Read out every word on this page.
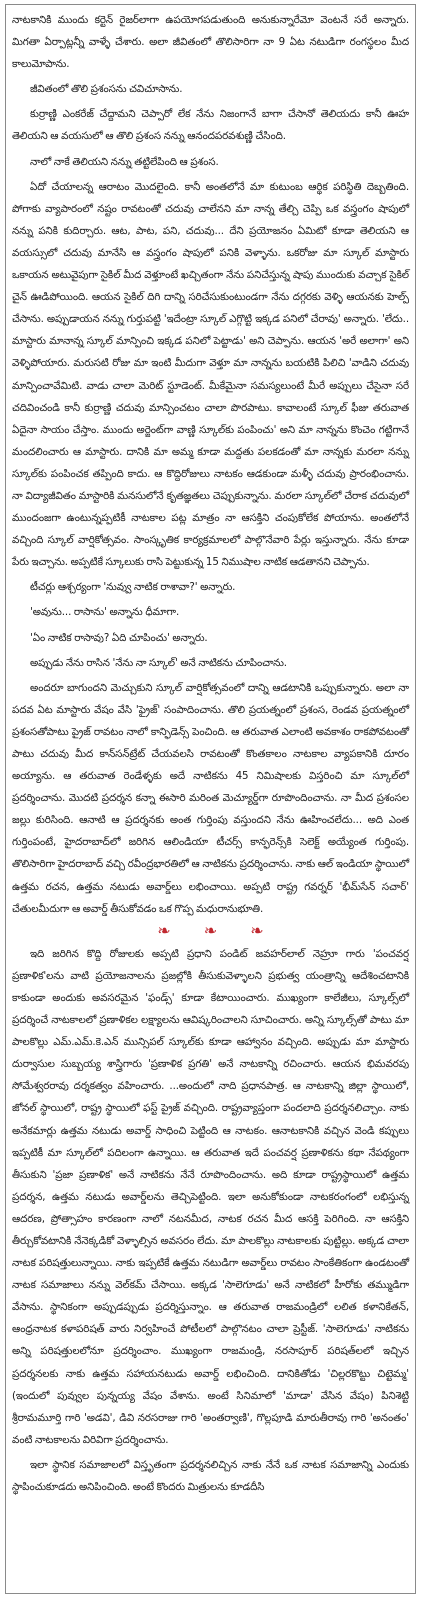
నాటకానికి ముందు కర్టెన్ రైజర్‌లాగా ఉపయోగపడుతుంది అనుకున్నారేమో వెంటనే సరే అన్నారు. మిగతా ఏర్పాట్లన్నీ వాళ్ళే చేశారు. అలా జీవితంలో తొలిసారిగా నా 9 ఏట నటుడిగా రంగస్థలం మీద కాలుమోపాను.

జీవితంలో తొలి ప్రశంసను చవిచూసాను.

కుర్రాణ్ణి ఎంకరేజ్ చేద్దామని చెప్పారో లేక నేను నిజంగానే బాగా చేసానో తెలియదు కానీ ఊహ తెలియని ఆ వయసులో ఆ తొలి ప్రశంస నన్ను ఆనందపరవశుణ్ణి చేసింది.

నాలో నాకే తెలియని నన్ను తట్టిలేపింది ఆ ప్రశంస.

ఏదో చేయాలన్న ఆరాటం మొదలైంది. కానీ అంతలోనే మా కుటుంబ ఆర్థిక పరిస్థితి దెబ్బతింది. పోగాకు వ్యాపారంలో నష్టం రావటంతో చదువు చాలేనని మా నాన్న తేల్చి చెప్పి ఒక వస్త్రంగం షాపులో నన్ను పనికి కుదిర్చారు. ఆట, పాట, పని, చదువు... దేని ప్రయోజనం ఏమిటో కూడా తెలియని ఆ వయస్సులో చదువు మానేసి ఆ వస్త్రంగం షాపులో పనికి వెళ్ళాను. ఒకరోజు మా స్కూల్ మాస్టారు ఒకాయన అటువైపుగా సైకిల్ మీద వెళ్తూంటే ఖచ్చితంగా నేను పనిచేస్తున్న షాపు ముందుకు వచ్చాక సైకిల్ చైన్ ఊడిపోయింది. ఆయన సైకిల్ దిగి దాన్ని సరిచేసుకుంటుండగా నేను దగ్గరకు వెళ్ళి ఆయనకు హెల్ప్ చేసాను. అప్పుడాయన నన్ను గుర్తుపట్టి 'ఇదేంట్రా స్కూల్ ఎగ్గొట్టి ఇక్కడ పనిలో చేరావు' అన్నారు. 'లేదు.. మాస్టారు మానాన్న స్కూల్ మాన్పించి ఇక్కడ పనిలో పెట్టాడు' అని చెప్పాను. ఆయన 'అరే అలాగా' అని వెళ్ళిపోయారు. మరుసటి రోజు మా ఇంటి మీదుగా వెళ్తూ మా నాన్నను బయటికి పిలిచి 'వాడిని చదువు మాన్పించావేమిటి. వాడు చాలా మెరిట్ స్టూడెంట్. మీకేమైనా సమస్యలుంటే మీరే అప్పులు చేసైనా సరే చదివించండి కానీ కుర్రాణ్ణి చదువు మాన్పించటం చాలా పొరపాటు. కావాలంటే స్కూల్ ఫీజు తరువాత ఏదైనా సాయం చేస్తాం. ముందు అర్జెంట్‌గా వాణ్ణి స్కూల్‌కు పంపించు' అని మా నాన్నను కొంచెం గట్టిగానే మందలించారు ఆ మాస్టారు. దానికి మా అమ్మ కూడా మద్దతు పలకడంతో మా నాన్నకు మరలా నన్ను స్కూల్‌కు పంపించక తప్పింది కాదు. ఆ కొద్దిరోజులు నాటకం ఆడకుండా మళ్ళీ చదువు ప్రారంభించాను. నా విద్యాజీవితం మాస్టారికి మనసులోనే కృతజ్ఞతలు చెప్పుకున్నాను. మరలా స్కూల్‌లో చేరాక చదువులో ముందంజగా ఉంటున్నప్పటికీ నాటకాల పట్ల మాత్రం నా ఆసక్తిని చంపుకోలేక పోయాను. అంతలోనే వచ్చింది స్కూల్ వార్షికోత్సవం. సాంస్కృతిక కార్యక్రమాలలో పాల్గొనేవారి పేర్లు ఇస్తున్నారు. నేను కూడా పేరు ఇచ్చాను. అప్పటికే స్కూలుకు రాసి పెట్టుకున్న 15 నిముషాల నాటిక ఆడతానని చెప్పాను.

టీచర్లు ఆశ్చర్యంగా 'నువ్వు నాటిక రాశావా?' అన్నారు.

'అవును... రాసాను' అన్నాను ధీమాగా.

'ఏం నాటిక రాసావు? ఏది చూపించు' అన్నారు.

అప్పుడు నేను రాసిన 'నేను నా స్కూల్' అనే నాటికను చూపించాను.

అందరూ బాగుందని మెచ్చుకుని స్కూల్ వార్షికోత్సవంలో దాన్ని ఆడటానికి ఒప్పుకున్నారు. అలా నా పదవ ఏట మాస్టారు వేషం వేసి 'ఫ్రైజ్' సంపాదించాను. తొలి ప్రయత్నంలో ప్రశంస, రెండవ ప్రయత్నంలో ప్రశంసతోపాటు ప్రైజ్ రావటం నాలో కాన్ఫిడెన్స్ పెంచింది. ఆ తరువాత ఎలాంటి అవకాశం రాకపోవటంతో పాటు చదువు మీద కాన్‌సన్‌ట్రేట్ చేయవలసి రావటంతో కొంతకాలం నాటకాల వ్యాపకానికి దూరం అయ్యాను. ఆ తరువాత రెండేళ్ళకు అదే నాటికను 45 నిమిషాలకు విస్తరించి మా స్కూల్‌లో ప్రదర్శించాను. మొదటి ప్రదర్శన కన్నా ఈసారి మరింత మెచ్యూర్డ్‌గా రూపొందించాను. నా మీద ప్రశంసల జల్లు కురిసింది. ఆనాటి ఆ ప్రదర్శనకు అంత గుర్తింపు వస్తుందని నేను ఊహించలేదు... అది ఎంత గుర్తింపంటే, హైదరాబాద్‌లో జరిగిన ఆలిండియా టీచర్స్ కాన్ఫరెన్స్‌కి సెలెక్ట్ అయ్యేంత గుర్తింపు. తొలిసారిగా హైదరాబాద్ వచ్చి రవీంద్రభారతిలో ఆ నాటికను ప్రదర్శించాను. నాకు ఆల్ ఇండియా స్థాయిలో ఉత్తమ రచన, ఉత్తమ నటుడు అవార్డ్‌లు లభించాయి. అప్పటి రాష్ట్ర గవర్నర్ 'భీమ్‌సేన్ సచార్' చేతులమీదుగా ఆ అవార్డ్ తీసుకోవడం ఒక గొప్ప మధురానుభూతి.

❧ ❧ ❧

ఇది జరిగిన కొద్ది రోజులకు అప్పటి ప్రధాని పండిట్ జవహర్‌లాల్ నెహ్రూ గారు 'పంచవర్ష ప్రణాళిక'లను వాటి ప్రయోజనాలను ప్రజల్లోకి తీసుకువెళ్ళాలని ప్రభుత్వ యంత్రాన్ని ఆదేశించటానికి కాకుండా అందుకు అవసరమైన 'ఫండ్స్' కూడా కేటాయించారు. ముఖ్యంగా కాలేజీలు, స్కూల్స్‌లో ప్రదర్శించే నాటకాలలో ప్రణాళికల లక్ష్యాలను ఆవిష్కరించాలని సూచించారు. అన్ని స్కూల్స్‌తో పాటు మా పాలకొల్లు ఎమ్.ఎమ్.కె.ఎన్ మున్సిపల్ స్కూల్‌కు కూడా ఆహ్వానం వచ్చింది. అప్పుడు మా మాస్టారు దుర్వాసుల సుబ్బయ్య శాస్త్రిగారు 'ప్రణాళిక ప్రగతి' అనే నాటకాన్ని రచించారు. ఆయన భిమవరపు సోమేశ్వరరావు దర్శకత్వం వహించారు. ...అందులో నాది ప్రధానపాత్ర. ఆ నాటకాన్ని జిల్లా స్థాయిలో, జోనల్ స్థాయిలో, రాష్ట్ర స్థాయిలో ఫస్ట్ ప్రైజ్ వచ్చింది. రాష్ట్రవ్యాప్తంగా పందలాది ప్రదర్శనలిచ్చాం. నాకు అనేకమార్లు ఉత్తమ నటుడు అవార్డ్ సాధించి పెట్టింది ఆ నాటకం. ఆనాటకానికి వచ్చిన వెండి కప్పులు ఇప్పటికీ మా స్కూల్‌లో పదిలంగా ఉన్నాయి. ఆ తరువాత ఇదే పంచవర్ష ప్రణాళికను కథా నేపథ్యంగా తీసుకుని 'ప్రజా ప్రణాళిక' అనే నాటికను నేనే రూపొందించాను. అది కూడా రాష్ట్రస్థాయిలో ఉత్తమ ప్రదర్శన, ఉత్తమ నటుడు అవార్డ్‌లను తెచ్చిపెట్టింది. ఇలా అనుకోకుండా నాటకరంగంలో లభిస్తున్న ఆదరణ, ప్రోత్సాహం కారణంగా నాలో నటనమీద, నాటక రచన మీద ఆసక్తి పెరిగింది. నా ఆసక్తిని తీర్చుకోవటానికి నేనెక్కడికో వెళ్ళాల్సిన అవసరం లేదు. మా పాలకొల్లు నాటకాలకు పుట్టిల్లు. అక్కడ చాలా నాటక పరిషత్తులున్నాయి. నాకు ఇప్పటికే ఉత్తమ నటుడిగా అవార్డ్‌లు రావటం సాంకేతికంగా ఉండటంతో నాటక సమాజాలు నన్ను వెల్‌కమ్ చేసాయి. అక్కడ 'సాలెగూడు' అనే నాటికలో హీరోకు తమ్ముడిగా వేసాను. స్థానికంగా అప్పుడప్పుడు ప్రదర్శిస్తున్నాం. ఆ తరువాత రాజమండ్రిలో లలిత కళానికేతన్, ఆంధ్రనాటక కళాపరిషత్ వారు నిర్వహించే పోటీలలో పాల్గొనటం చాలా ప్రెస్టీజ్. 'సాలెగూడు' నాటికను అన్ని పరిషత్తులలోనూ ప్రదర్శించాం. ముఖ్యంగా రాజమండ్రి, నరసాపూర్ పరిషత్‌లలో ఇచ్చిన ప్రదర్శనలకు నాకు ఉత్తమ సహాయనటుడు అవార్డ్ లభించింది. దానికితోడు 'చిల్లరకొట్టు చిట్టెమ్మ' (ఇందులో పువ్వుల పున్నయ్య వేషం వేశాను. అంటే సినిమాలో 'మాడా' వేసిన వేషం) పినిశెట్టి శ్రీరామమూర్తి గారి 'అడవి', డివి నరసరాజు గారి 'అంతర్వాణి', గొల్లపూడి మారుతీరావు గారి 'అనంతం' వంటి నాటకాలను విరివిగా ప్రదర్శించాను.

ఇలా స్థానిక సమాజాలలో విస్తృతంగా ప్రదర్శనలిచ్చిన నాకు నేనే ఒక నాటక సమాజాన్ని ఎందుకు స్థాపించుకూడదు అనిపించింది. అంటే కొందరు మిత్రులను కూడదీసి
